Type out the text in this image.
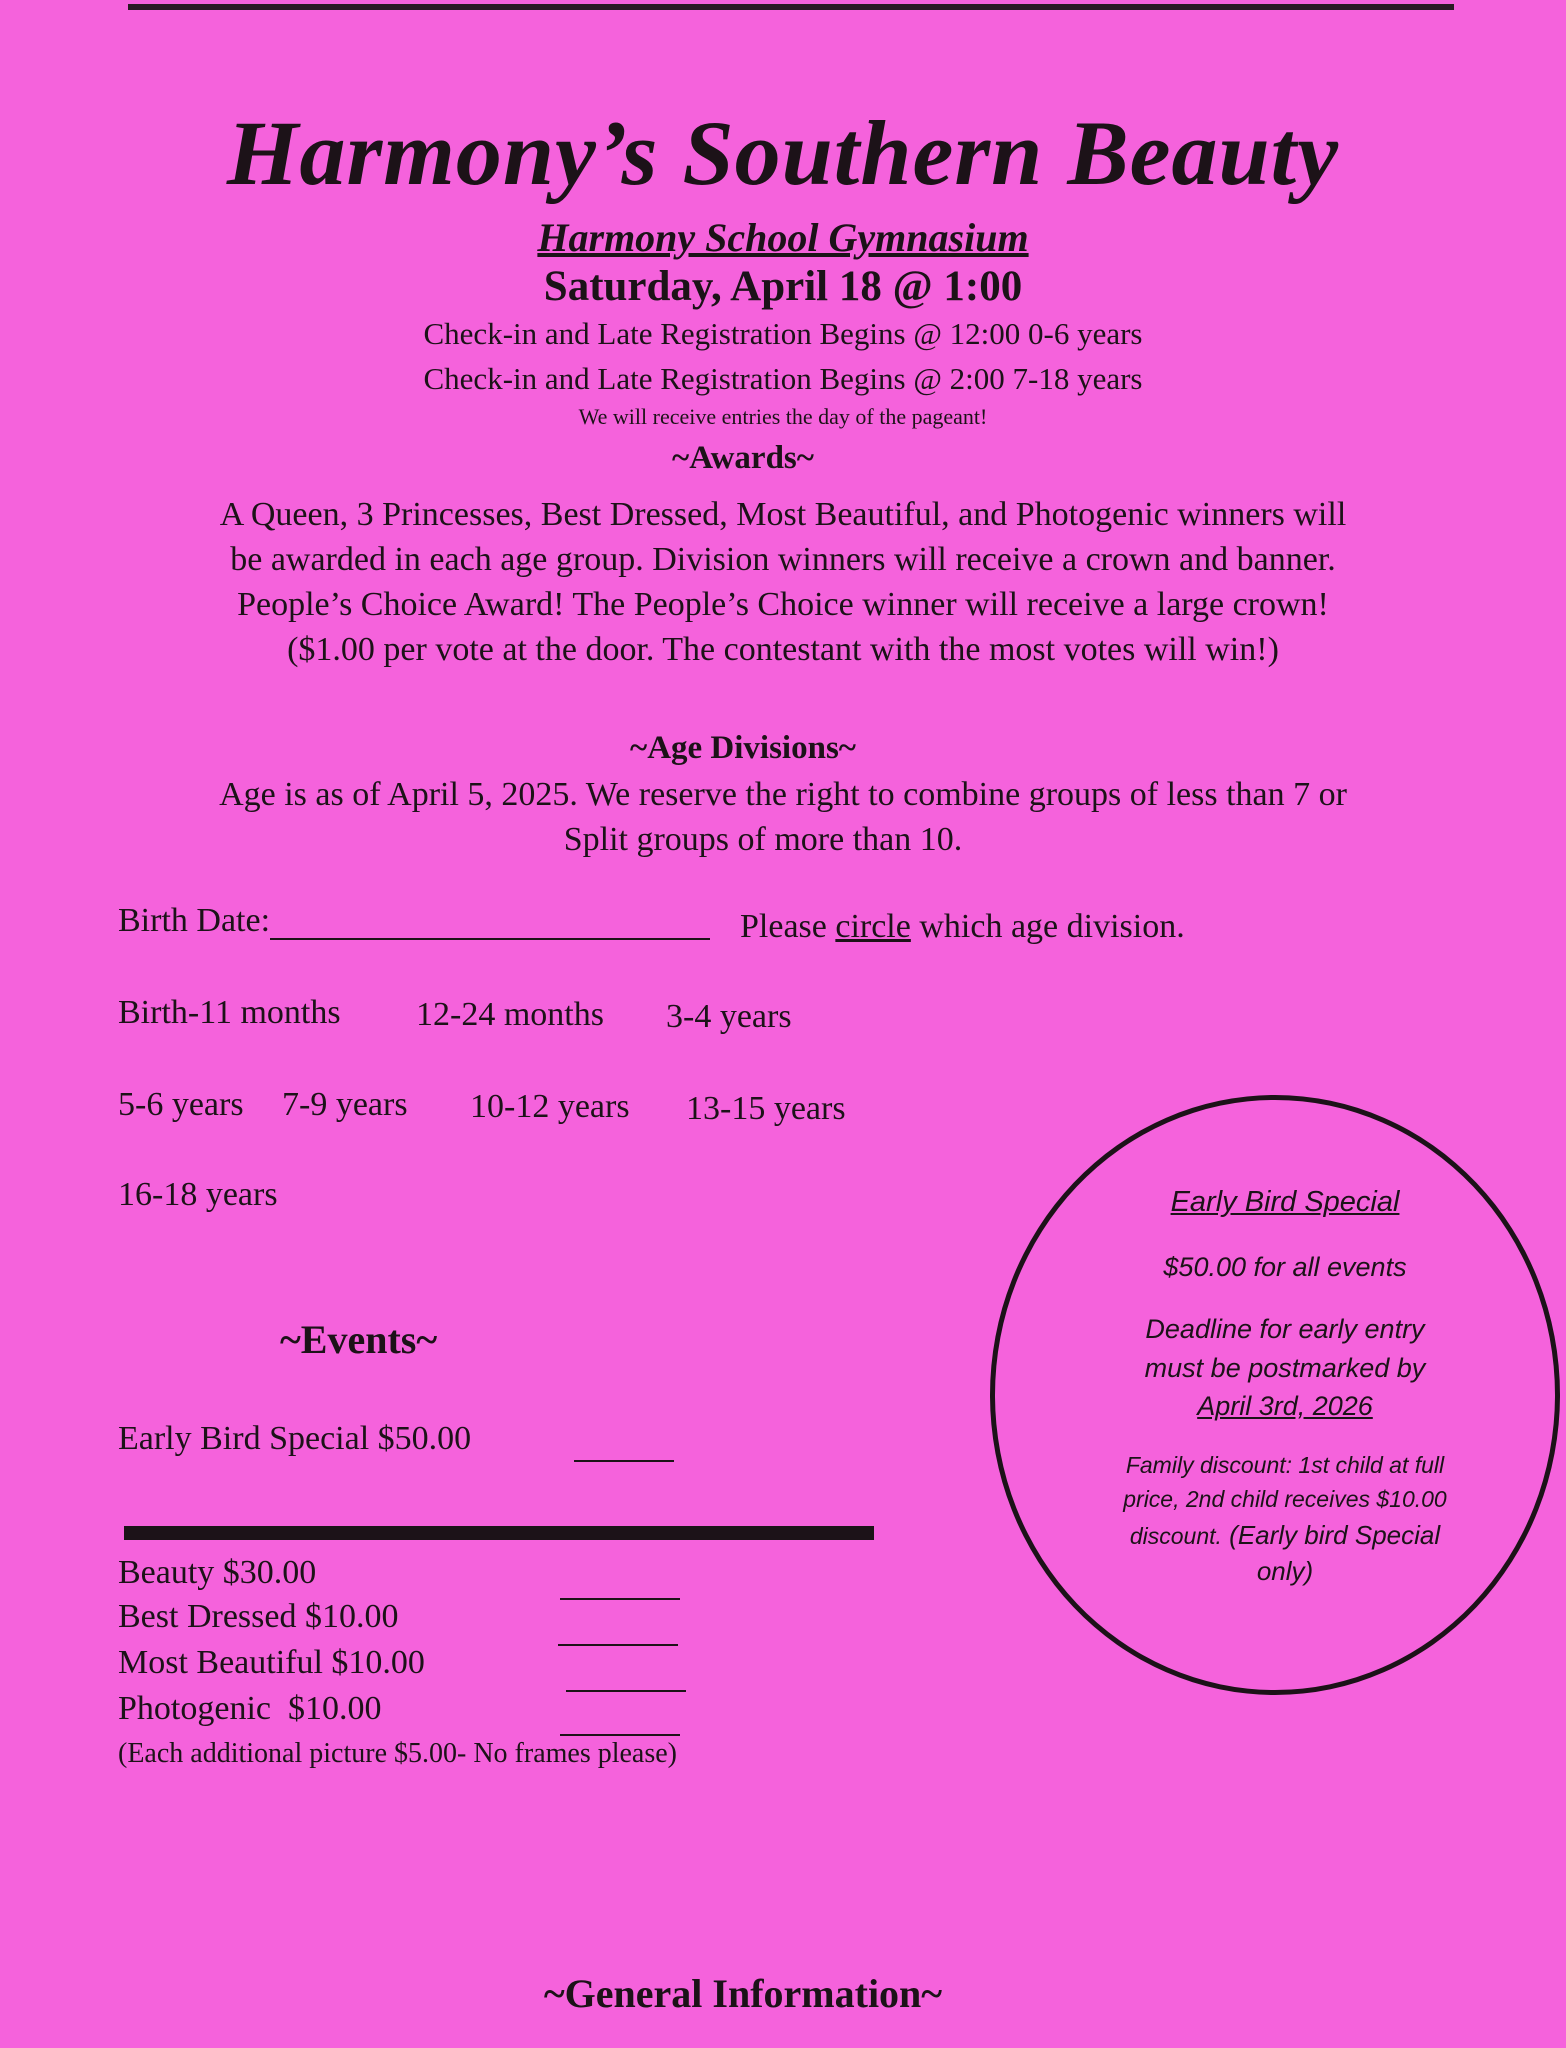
Harmony’s Southern Beauty
Harmony School Gymnasium
Saturday, April 18 @ 1:00
Check-in and Late Registration Begins @ 12:00 0-6 years
Check-in and Late Registration Begins @ 2:00 7-18 years
We will receive entries the day of the pageant!
~Awards~
A Queen, 3 Princesses, Best Dressed, Most Beautiful, and Photogenic winners will
be awarded in each age group. Division winners will receive a crown and banner.
People’s Choice Award! The People’s Choice winner will receive a large crown!
($1.00 per vote at the door. The contestant with the most votes will win!)
~Age Divisions~
Age is as of April 5, 2025. We reserve the right to combine groups of less than 7 or
Split groups of more than 10.
Birth Date:	Please circle which age division.
Birth-11 months 12-24 months 3-4 years
5-6 years 7-9 years 10-12 years 13-15 years
16-18 years
~Events~
Early Bird Special $50.00
Beauty $30.00
Best Dressed $10.00
Most Beautiful $10.00
Photogenic  $10.00
(Each additional picture $5.00- No frames please)
Early Bird Special
$50.00 for all events
Deadline for early entry
must be postmarked by
April 3rd, 2026
Family discount: 1st child at full
price, 2nd child receives $10.00
discount. (Early bird Special
only)
~General Information~
